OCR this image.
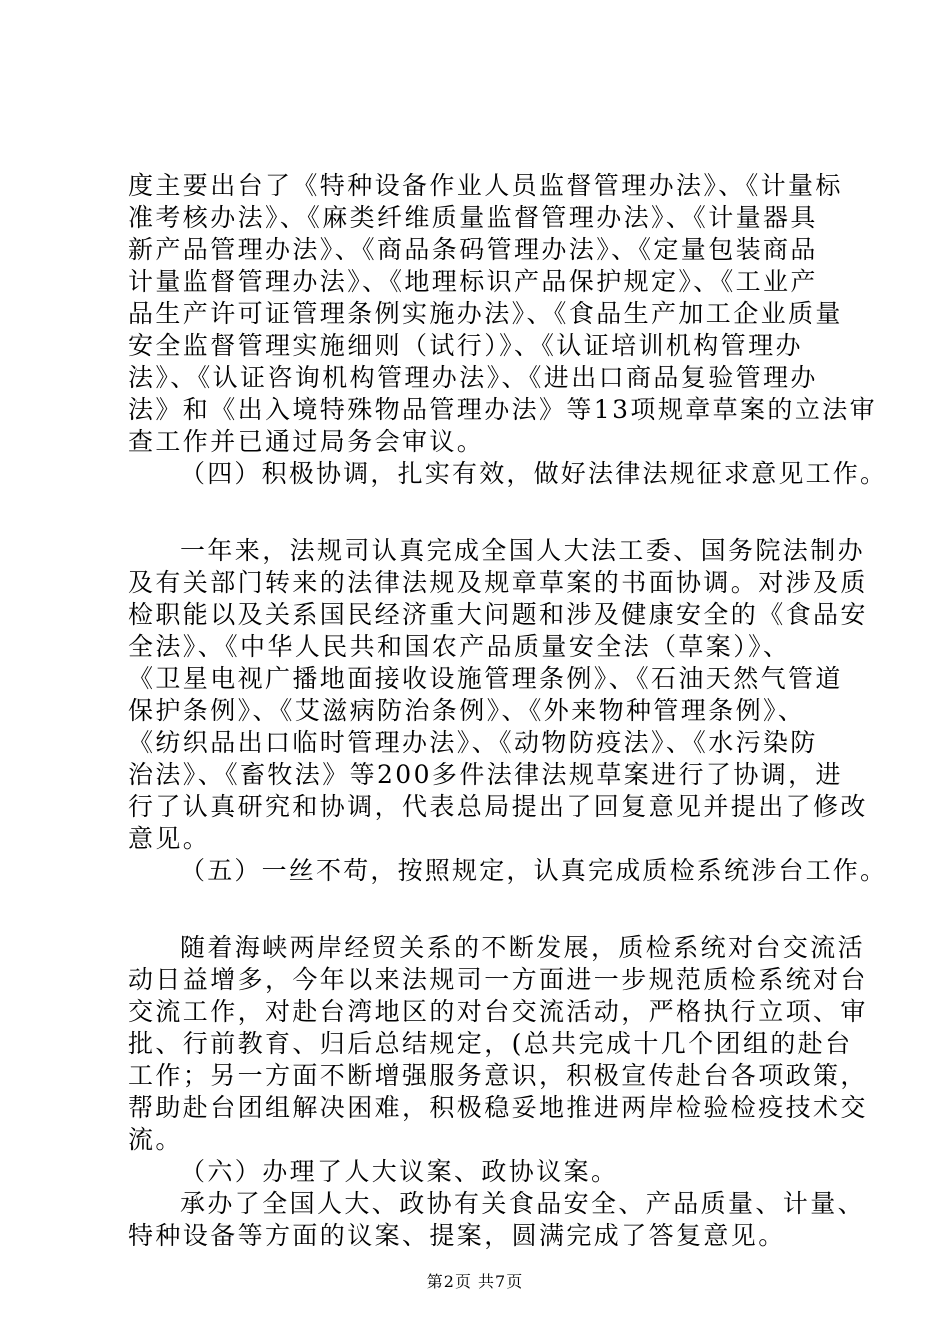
度主要出台了《特种设备作业人员监督管理办法》、《计量标
准考核办法》、《麻类纤维质量监督管理办法》、《计量器具
新产品管理办法》、《商品条码管理办法》、《定量包装商品
计量监督管理办法》、《地理标识产品保护规定》、《工业产
品生产许可证管理条例实施办法》、《食品生产加工企业质量
安全监督管理实施细则（试行）》、《认证培训机构管理办
法》、《认证咨询机构管理办法》、《进出口商品复验管理办
法》和《出入境特殊物品管理办法》等13项规章草案的立法审
查工作并已通过局务会审议。
（四）积极协调，扎实有效，做好法律法规征求意见工作。
一年来，法规司认真完成全国人大法工委、国务院法制办
及有关部门转来的法律法规及规章草案的书面协调。对涉及质
检职能以及关系国民经济重大问题和涉及健康安全的《食品安
全法》、《中华人民共和国农产品质量安全法（草案）》、
《卫星电视广播地面接收设施管理条例》、《石油天然气管道
保护条例》、《艾滋病防治条例》、《外来物种管理条例》、
《纺织品出口临时管理办法》、《动物防疫法》、《水污染防
治法》、《畜牧法》等200多件法律法规草案进行了协调，进
行了认真研究和协调，代表总局提出了回复意见并提出了修改
意见。
（五）一丝不苟，按照规定，认真完成质检系统涉台工作。
随着海峡两岸经贸关系的不断发展，质检系统对台交流活
动日益增多，今年以来法规司一方面进一步规范质检系统对台
交流工作，对赴台湾地区的对台交流活动，严格执行立项、审
批、行前教育、归后总结规定，(总共完成十几个团组的赴台
工作；另一方面不断增强服务意识，积极宣传赴台各项政策，
帮助赴台团组解决困难，积极稳妥地推进两岸检验检疫技术交
流。
（六）办理了人大议案、政协议案。
承办了全国人大、政协有关食品安全、产品质量、计量、
特种设备等方面的议案、提案，圆满完成了答复意见。
第2页 共7页
